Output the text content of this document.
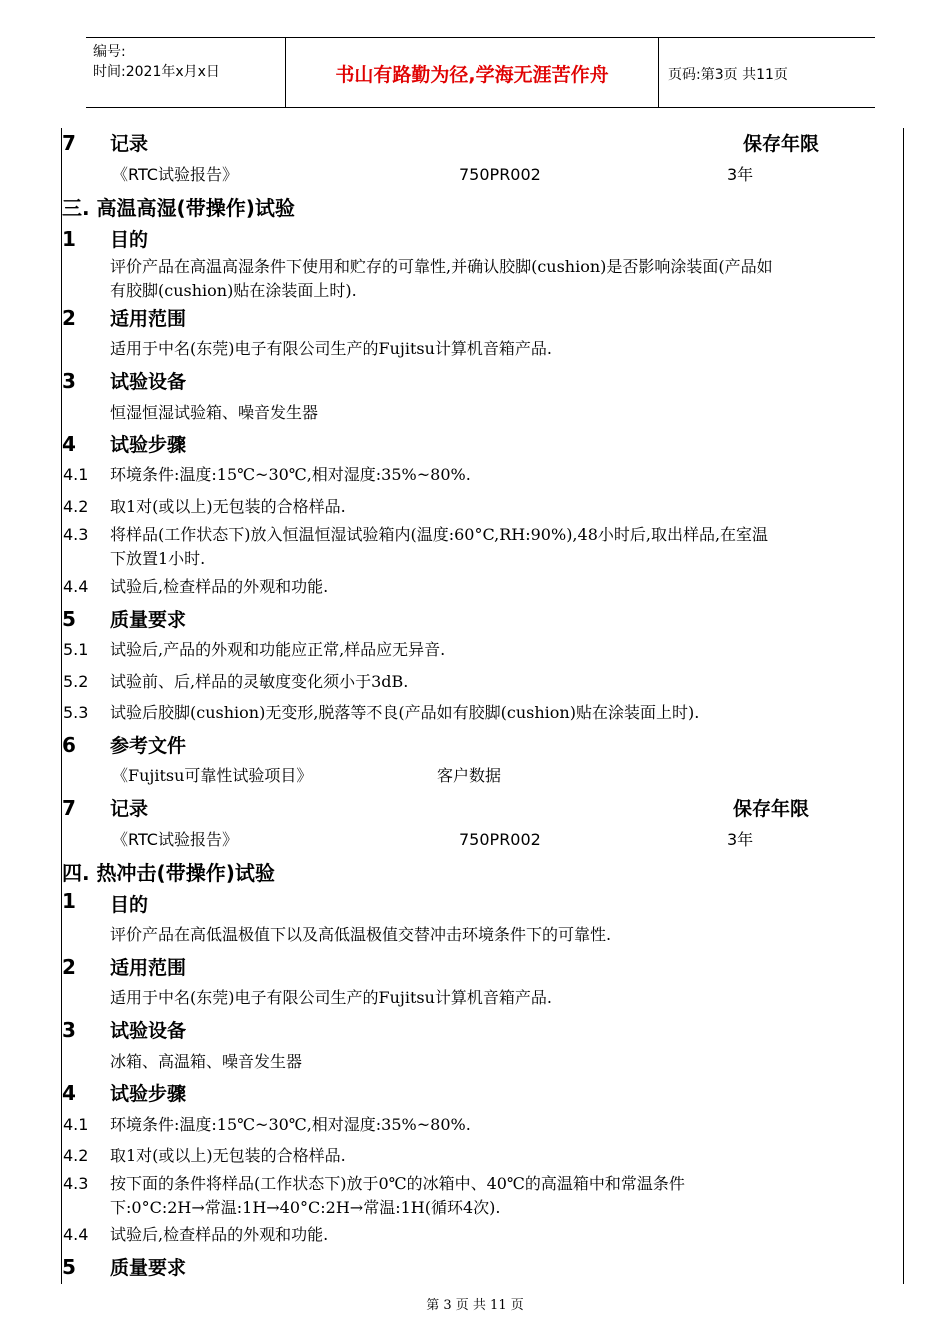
编号:
时间:2021年x月x日	书山有路勤为径,学海无涯苦作舟	页码:第3页 共11页
7 记录	保存年限
《RTC试验报告》	750PR002	3年
三. 高温高湿(带操作)试验
1 目的
评价产品在高温高湿条件下使用和贮存的可靠性,并确认胶脚(cushion)是否影响涂装面(产品如
有胶脚(cushion)贴在涂装面上时).
2 适用范围
适用于中名(东莞)电子有限公司生产的Fujitsu计算机音箱产品.
3 试验设备
恒湿恒湿试验箱、噪音发生器
4 试验步骤
4.1 环境条件:温度:15℃~30℃,相对湿度:35%~80%.
4.2 取1对(或以上)无包装的合格样品.
4.3 将样品(工作状态下)放入恒温恒湿试验箱内(温度:60°C,RH:90%),48小时后,取出样品,在室温
下放置1小时.
4.4 试验后,检查样品的外观和功能.
5 质量要求
5.1 试验后,产品的外观和功能应正常,样品应无异音.
5.2 试验前、后,样品的灵敏度变化须小于3dB.
5.3 试验后胶脚(cushion)无变形,脱落等不良(产品如有胶脚(cushion)贴在涂装面上时).
6 参考文件
《Fujitsu可靠性试验项目》	客户数据
7 记录	保存年限
《RTC试验报告》	750PR002	3年
四. 热冲击(带操作)试验
1 目的
评价产品在高低温极值下以及高低温极值交替冲击环境条件下的可靠性.
2 适用范围
适用于中名(东莞)电子有限公司生产的Fujitsu计算机音箱产品.
3 试验设备
冰箱、高温箱、噪音发生器
4 试验步骤
4.1 环境条件:温度:15℃~30℃,相对湿度:35%~80%.
4.2 取1对(或以上)无包装的合格样品.
4.3 按下面的条件将样品(工作状态下)放于0℃的冰箱中、40℃的高温箱中和常温条件
下:0°C:2H→常温:1H→40°C:2H→常温:1H(循环4次).
4.4 试验后,检查样品的外观和功能.
5 质量要求
第 3 页 共 11 页
